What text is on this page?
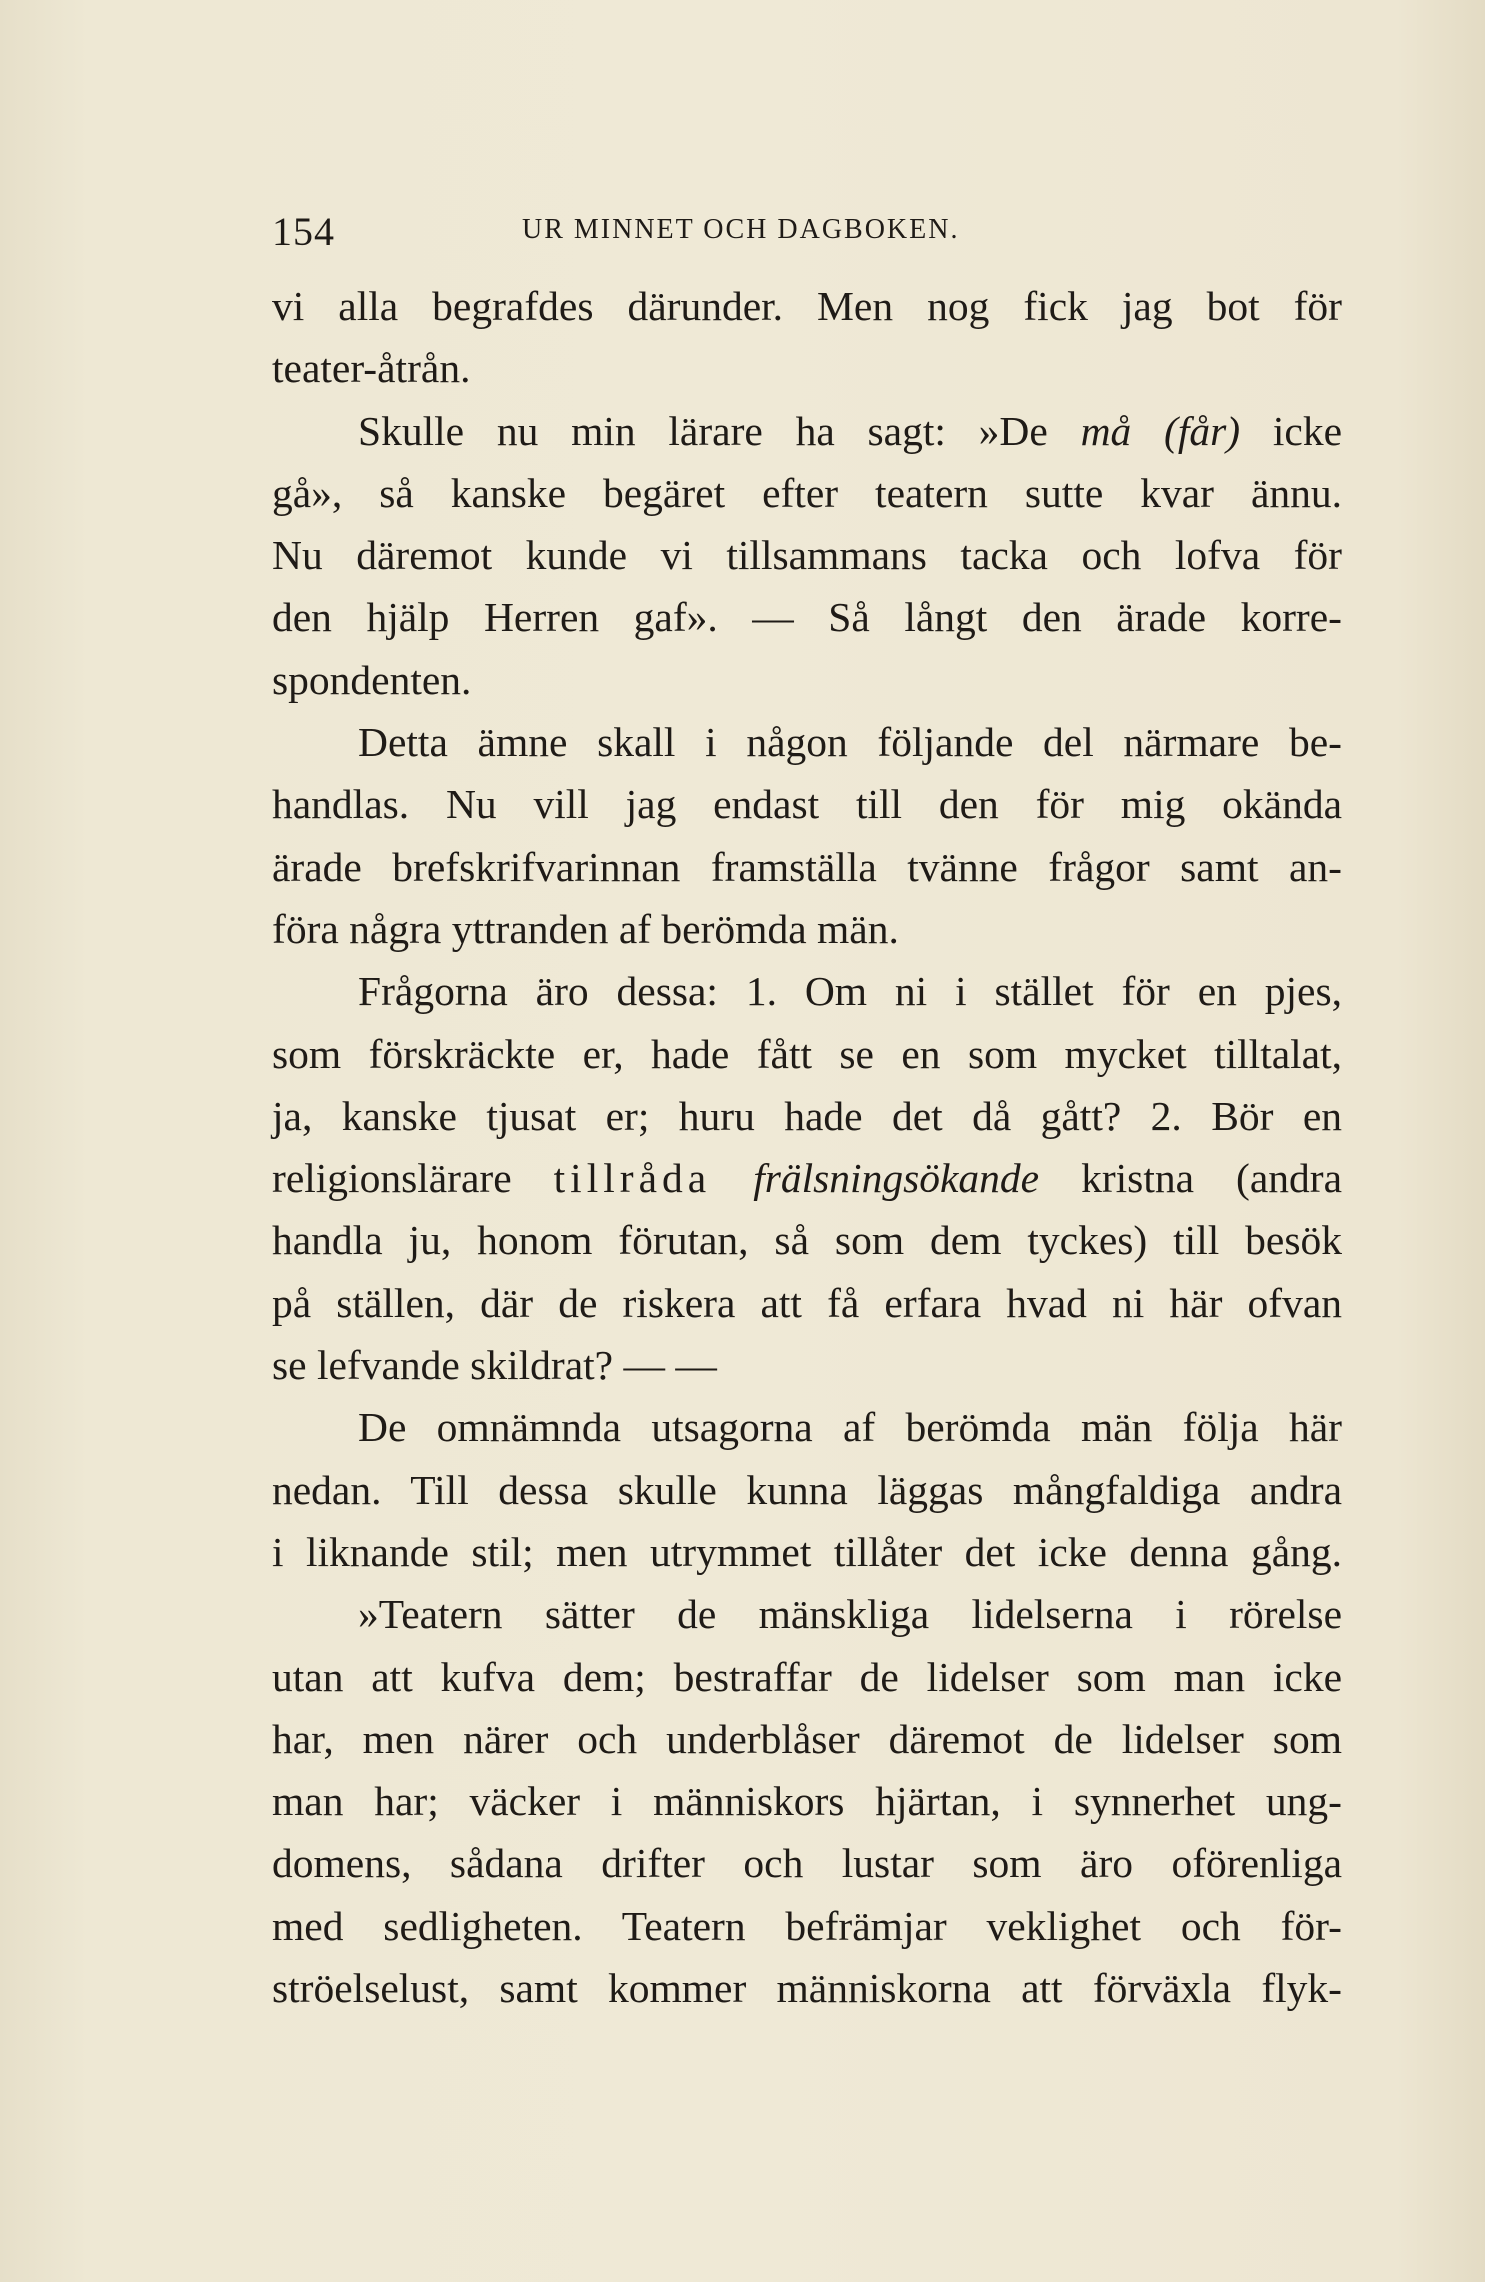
154	UR MINNET OCH DAGBOKEN.
vi alla begrafdes därunder. Men nog fick jag bot för
teater-åtrån.
Skulle nu min lärare ha sagt: »De må (får) icke
gå», så kanske begäret efter teatern sutte kvar ännu.
Nu däremot kunde vi tillsammans tacka och lofva för
den hjälp Herren gaf». — Så långt den ärade korre-
spondenten.
Detta ämne skall i någon följande del närmare be-
handlas. Nu vill jag endast till den för mig okända
ärade brefskrifvarinnan framställa tvänne frågor samt an-
föra några yttranden af berömda män.
Frågorna äro dessa: 1. Om ni i stället för en pjes,
som förskräckte er, hade fått se en som mycket tilltalat,
ja, kanske tjusat er; huru hade det då gått? 2. Bör en
religionslärare tillråda frälsningsökande kristna (andra
handla ju, honom förutan, så som dem tyckes) till besök
på ställen, där de riskera att få erfara hvad ni här ofvan
se lefvande skildrat? — —
De omnämnda utsagorna af berömda män följa här
nedan. Till dessa skulle kunna läggas mångfaldiga andra
i liknande stil; men utrymmet tillåter det icke denna gång.
»Teatern sätter de mänskliga lidelserna i rörelse
utan att kufva dem; bestraffar de lidelser som man icke
har, men närer och underblåser däremot de lidelser som
man har; väcker i människors hjärtan, i synnerhet ung-
domens, sådana drifter och lustar som äro oförenliga
med sedligheten. Teatern befrämjar veklighet och för-
ströelselust, samt kommer människorna att förväxla flyk-
